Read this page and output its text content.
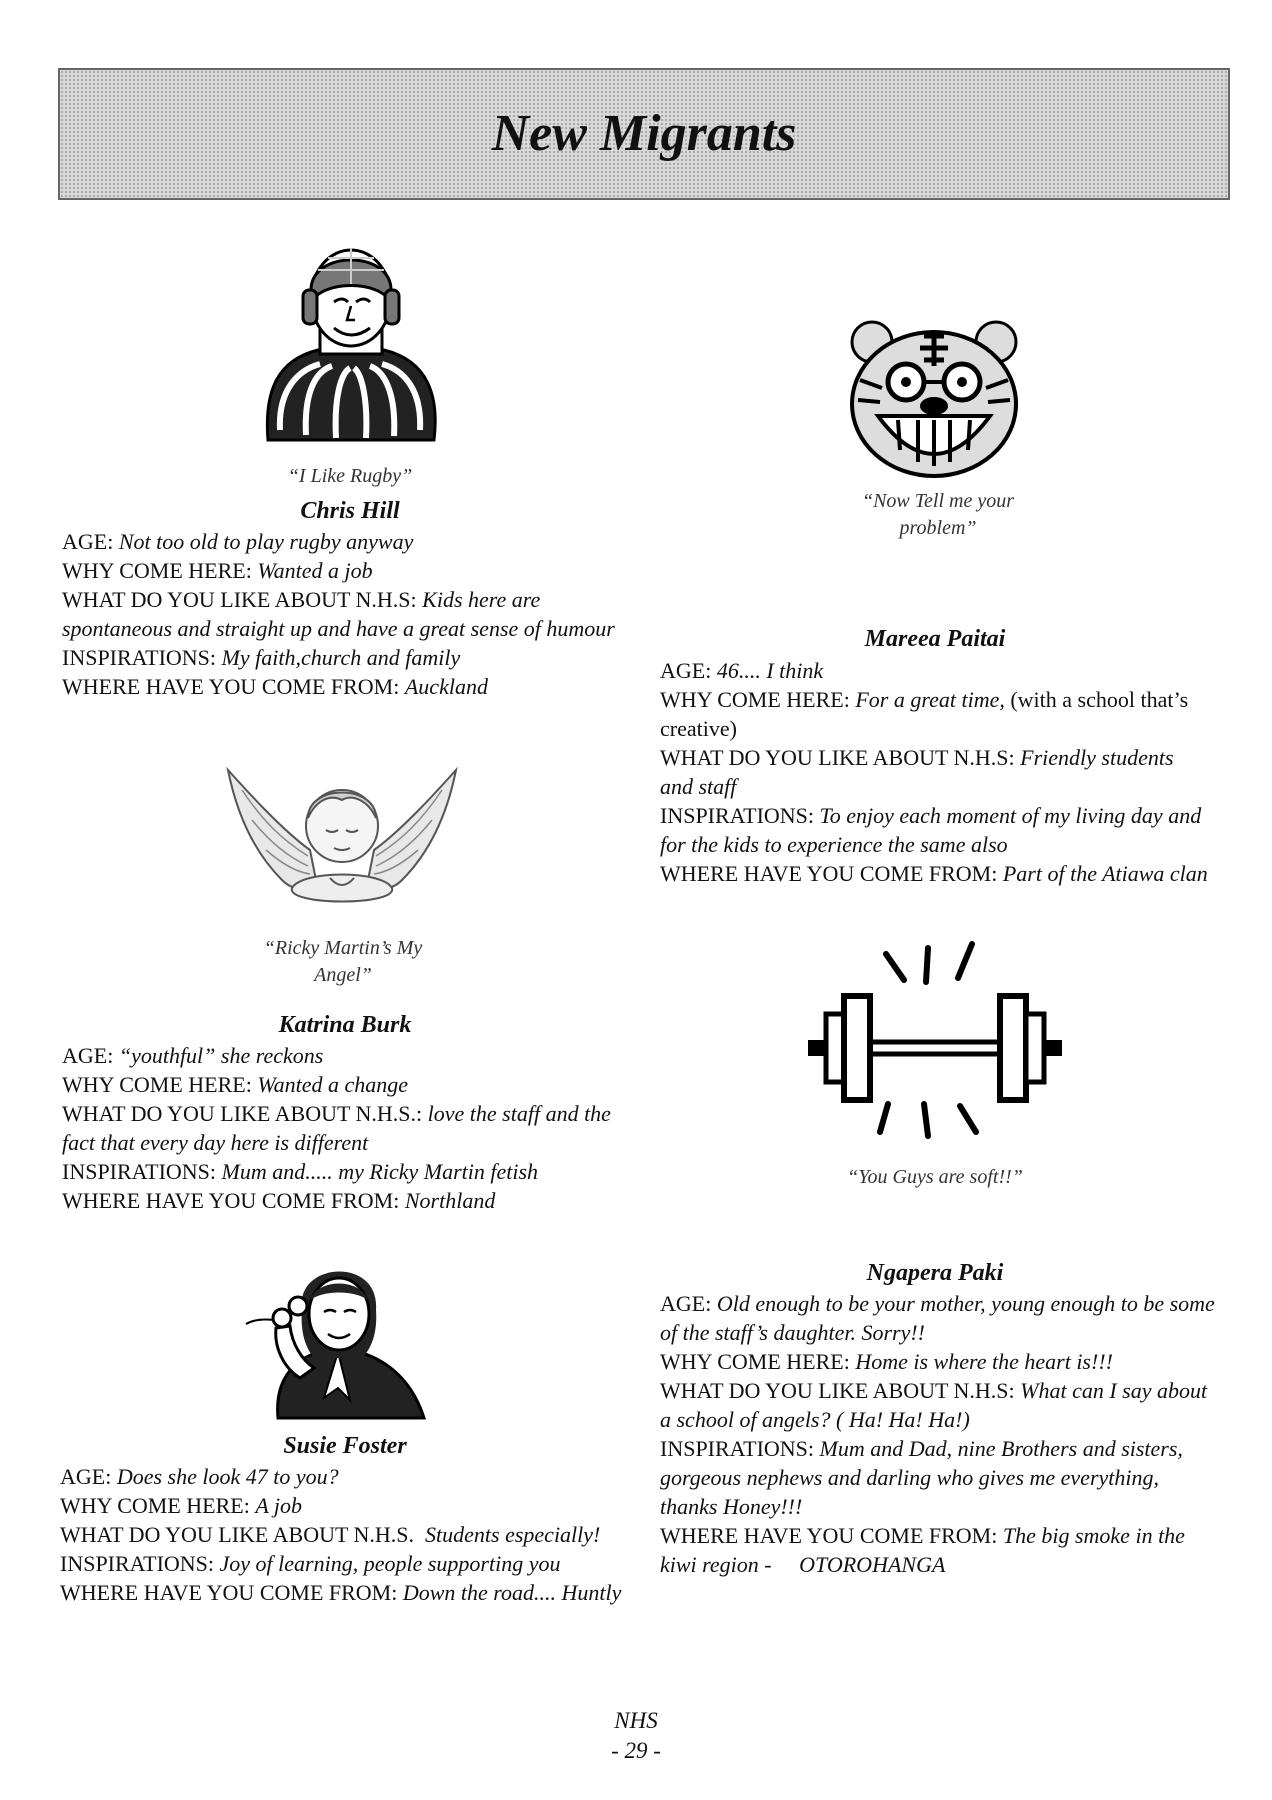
New Migrants
“I Like Rugby”
Chris Hill

AGE: Not too old to play rugby anyway

WHY COME HERE: Wanted a job

WHAT DO YOU LIKE ABOUT N.H.S: Kids here are spontaneous and straight up and have a great sense of humour

INSPIRATIONS: My faith,church and family

WHERE HAVE YOU COME FROM: Auckland

“Ricky Martin’s My Angel”
Katrina Burk

AGE: “youthful” she reckons

WHY COME HERE: Wanted a change

WHAT DO YOU LIKE ABOUT N.H.S.: love the staff and the fact that every day here is different

INSPIRATIONS: Mum and..... my Ricky Martin fetish

WHERE HAVE YOU COME FROM: Northland

Susie Foster

AGE: Does she look 47 to you?

WHY COME HERE: A job

WHAT DO YOU LIKE ABOUT N.H.S. Students especially!

INSPIRATIONS: Joy of learning, people supporting you

WHERE HAVE YOU COME FROM: Down the road.... Huntly

“Now Tell me your problem”
Mareea Paitai

AGE: 46.... I think

WHY COME HERE: For a great time, (with a school that’s creative)

WHAT DO YOU LIKE ABOUT N.H.S: Friendly students and staff

INSPIRATIONS: To enjoy each moment of my living day and for the kids to experience the same also

WHERE HAVE YOU COME FROM: Part of the Atiawa clan

“You Guys are soft!!”
Ngapera Paki

AGE: Old enough to be your mother, young enough to be some of the staff’s daughter. Sorry!!

WHY COME HERE: Home is where the heart is!!!

WHAT DO YOU LIKE ABOUT N.H.S: What can I say about a school of angels? ( Ha! Ha! Ha!)

INSPIRATIONS: Mum and Dad, nine Brothers and sisters, gorgeous nephews and darling who gives me everything, thanks Honey!!!

WHERE HAVE YOU COME FROM: The big smoke in the kiwi region - OTOROHANGA

NHS
- 29 -
